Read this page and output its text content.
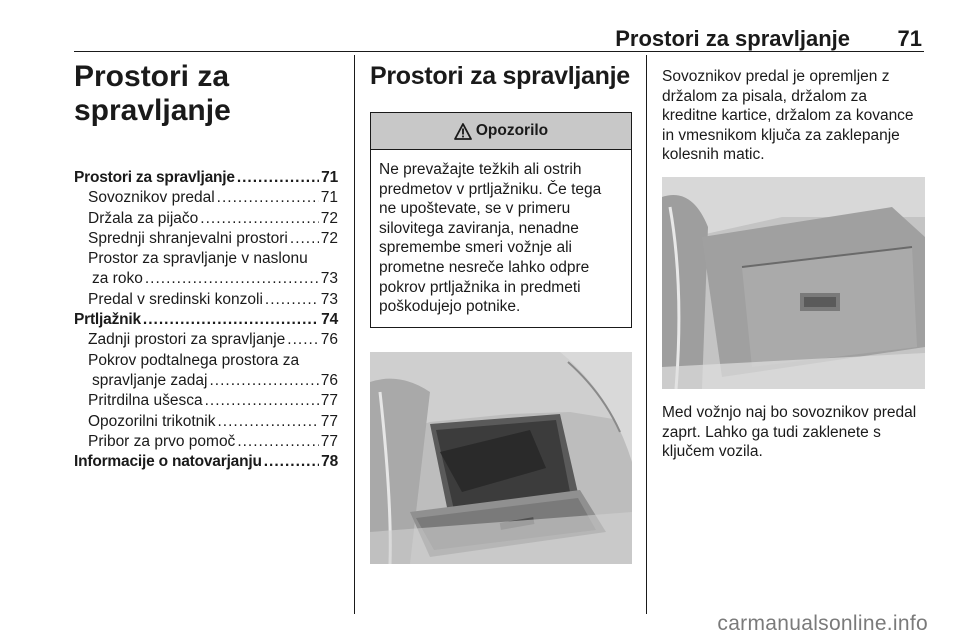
Prostori za spravljanje 71
Prostori za
spravljanje
Prostori za spravljanje .....	71
Sovoznikov predal .....	71
Držala za pijačo .....	72
Sprednji shranjevalni prostori ..... 72
Prostor za spravljanje v naslonu
za roko .....	73
Predal v sredinski konzoli .....	73
Prtljažnik .....	74
Zadnji prostori za spravljanje ..... 76
Pokrov podtalnega prostora za
spravljanje zadaj .....	76
Pritrdilna ušesca .....	77
Opozorilni trikotnik .....	77
Pribor za prvo pomoč .....	77
Informacije o natovarjanju .....	78
Prostori za spravljanje
Opozorilo
Ne prevažajte težkih ali ostrih
predmetov v prtljažniku. Če tega
ne upoštevate, se v primeru
silovitega zaviranja, nenadne
spremembe smeri vožnje ali
prometne nesreče lahko odpre
pokrov prtljažnika in predmeti
poškodujejo potnike.
Sovoznikov predal je opremljen z
držalom za pisala, držalom za
kreditne kartice, držalom za kovance
in vmesnikom ključa za zaklepanje
kolesnih matic.
Med vožnjo naj bo sovoznikov predal
zaprt. Lahko ga tudi zaklenete s
ključem vozila.
carmanualsonline.info
